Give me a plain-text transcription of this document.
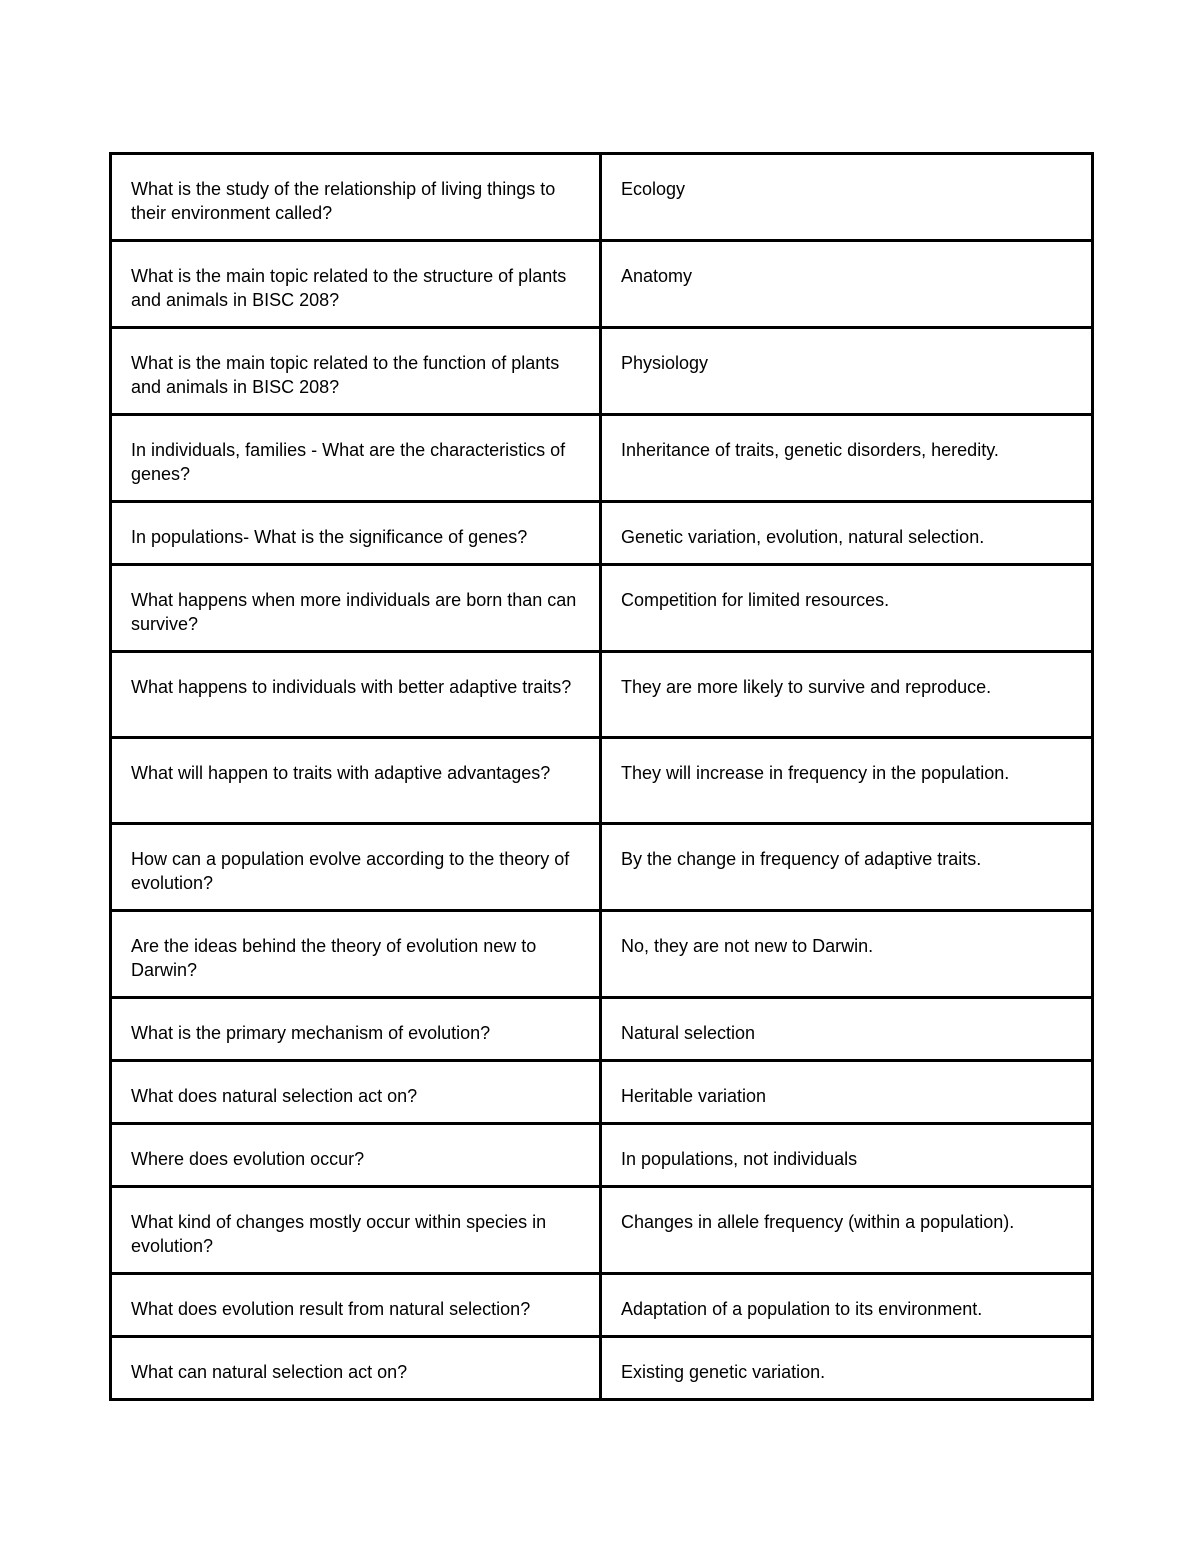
What is the study of the relationship of living things to their environment called?	Ecology
What is the main topic related to the structure of plants and animals in BISC 208?	Anatomy
What is the main topic related to the function of plants and animals in BISC 208?	Physiology
In individuals, families - What are the characteristics of genes?	Inheritance of traits, genetic disorders, heredity.
In populations- What is the significance of genes?	Genetic variation, evolution, natural selection.
What happens when more individuals are born than can survive?	Competition for limited resources.
What happens to individuals with better adaptive traits?	They are more likely to survive and reproduce.
What will happen to traits with adaptive advantages?	They will increase in frequency in the population.
How can a population evolve according to the theory of evolution?	By the change in frequency of adaptive traits.
Are the ideas behind the theory of evolution new to Darwin?	No, they are not new to Darwin.
What is the primary mechanism of evolution?	Natural selection
What does natural selection act on?	Heritable variation
Where does evolution occur?	In populations, not individuals
What kind of changes mostly occur within species in evolution?	Changes in allele frequency (within a population).
What does evolution result from natural selection?	Adaptation of a population to its environment.
What can natural selection act on?	Existing genetic variation.
